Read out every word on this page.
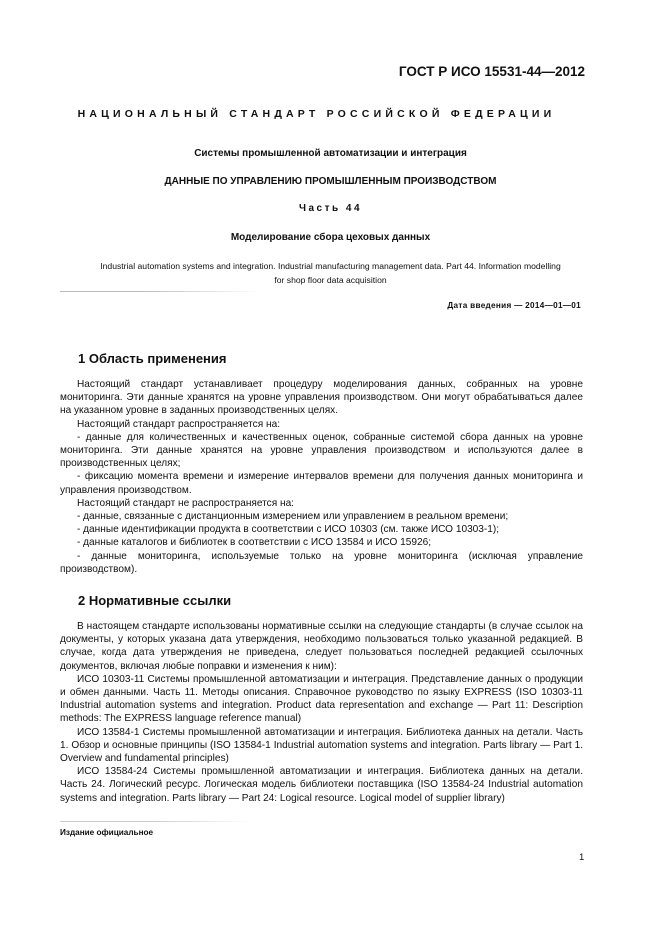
ГОСТ Р ИСО 15531-44—2012
НАЦИОНАЛЬНЫЙ СТАНДАРТ РОССИЙСКОЙ ФЕДЕРАЦИИ
Системы промышленной автоматизации и интеграция
ДАННЫЕ ПО УПРАВЛЕНИЮ ПРОМЫШЛЕННЫМ ПРОИЗВОДСТВОМ
Часть 44
Моделирование сбора цеховых данных
Industrial automation systems and integration. Industrial manufacturing management data. Part 44. Information modelling
for shop floor data acquisition
Дата введения — 2014—01—01
1 Область применения

Настоящий стандарт устанавливает процедуру моделирования данных, собранных на уровне мониторинга. Эти данные хранятся на уровне управления производством. Они могут обрабатываться далее на указанном уровне в заданных производственных целях.

Настоящий стандарт распространяется на:

- данные для количественных и качественных оценок, собранные системой сбора данных на уровне мониторинга. Эти данные хранятся на уровне управления производством и используются далее в производственных целях;

- фиксацию момента времени и измерение интервалов времени для получения данных мониторинга и управления производством.

Настоящий стандарт не распространяется на:

- данные, связанные с дистанционным измерением или управлением в реальном времени;

- данные идентификации продукта в соответствии с ИСО 10303 (см. также ИСО 10303-1);

- данные каталогов и библиотек в соответствии с ИСО 13584 и ИСО 15926;

- данные мониторинга, используемые только на уровне мониторинга (исключая управление производством).

2 Нормативные ссылки

В настоящем стандарте использованы нормативные ссылки на следующие стандарты (в случае ссылок на документы, у которых указана дата утверждения, необходимо пользоваться только указанной редакцией. В случае, когда дата утверждения не приведена, следует пользоваться последней редакцией ссылочных документов, включая любые поправки и изменения к ним):

ИСО 10303-11 Системы промышленной автоматизации и интеграция. Представление данных о продукции и обмен данными. Часть 11. Методы описания. Справочное руководство по языку EXPRESS (ISO 10303-11 Industrial automation systems and integration. Product data representation and exchange — Part 11: Description methods: The EXPRESS language reference manual)

ИСО 13584-1 Системы промышленной автоматизации и интеграция. Библиотека данных на детали. Часть 1. Обзор и основные принципы (ISO 13584-1 Industrial automation systems and integration. Parts library — Part 1. Overview and fundamental principles)

ИСО 13584-24 Системы промышленной автоматизации и интеграция. Библиотека данных на детали. Часть 24. Логический ресурс. Логическая модель библиотеки поставщика (ISO 13584-24 Industrial automation systems and integration. Parts library — Part 24: Logical resource. Logical model of supplier library)

Издание официальное
1
